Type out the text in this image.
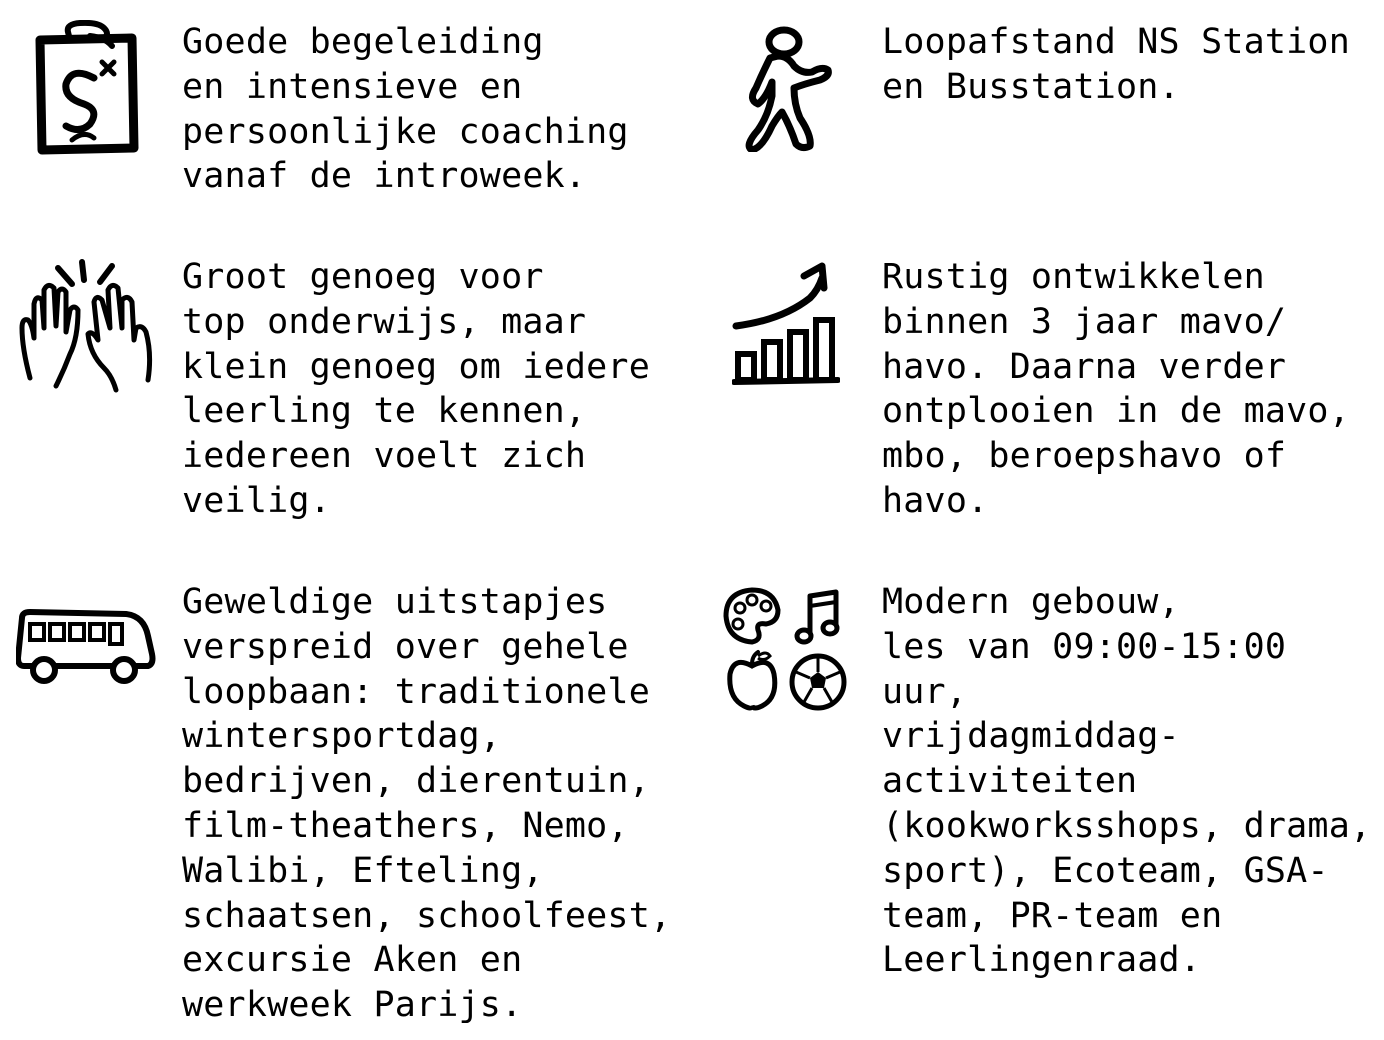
Goede begeleiding
en intensieve en
persoonlijke coaching
vanaf de introweek.

Loopafstand NS Station
en Busstation.

Groot genoeg voor
top onderwijs, maar
klein genoeg om iedere
leerling te kennen,
iedereen voelt zich
veilig.

Rustig ontwikkelen
binnen 3 jaar mavo/
havo. Daarna verder
ontplooien in de mavo,
mbo, beroepshavo of
havo.

Geweldige uitstapjes
verspreid over gehele
loopbaan: traditionele
wintersportdag,
bedrijven, dierentuin,
film-theathers, Nemo,
Walibi, Efteling,
schaatsen, schoolfeest,
excursie Aken en
werkweek Parijs.

Modern gebouw,
les van 09:00-15:00 uur,
vrijdagmiddag-
activiteiten
(kookworksshops, drama,
sport), Ecoteam, GSA-
team, PR-team en
Leerlingenraad.
